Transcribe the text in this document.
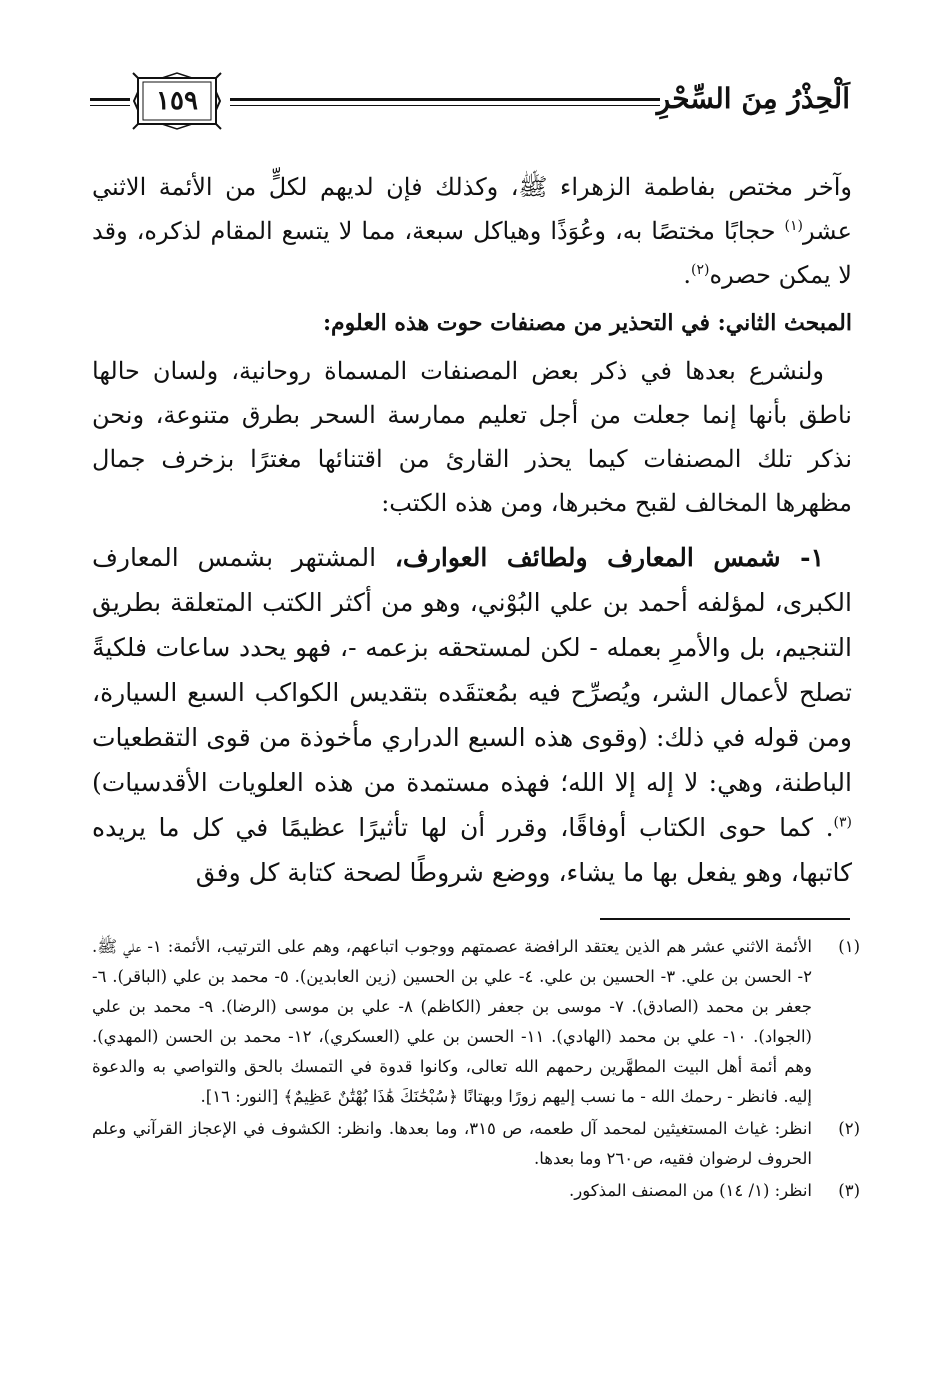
١٥٩	اَلْحِذْرُ مِنَ السِّحْرِ

وآخر مختص بفاطمة الزهراء ﷺ، وكذلك فإن لديهم لكلٍّ من الأئمة الاثني عشر$^{(١)}$ حجابًا مختصًا به، وعُوَذًا وهياكل سبعة، مما لا يتسع المقام لذكره، وقد لا يمكن حصره$^{(٢)}$.

المبحث الثاني: في التحذير من مصنفات حوت هذه العلوم:

ولنشرع بعدها في ذكر بعض المصنفات المسماة روحانية، ولسان حالها ناطق بأنها إنما جعلت من أجل تعليم ممارسة السحر بطرق متنوعة، ونحن نذكر تلك المصنفات كيما يحذر القارئ من اقتنائها مغترًا بزخرف جمال مظهرها المخالف لقبح مخبرها، ومن هذه الكتب:

١- شمس المعارف ولطائف العوارف، المشتهر بشمس المعارف الكبرى، لمؤلفه أحمد بن علي البُوْني، وهو من أكثر الكتب المتعلقة بطريق التنجيم، بل والأمرِ بعمله - لكن لمستحقه بزعمه -، فهو يحدد ساعات فلكيةً تصلح لأعمال الشر، ويُصرِّح فيه بمُعتقَده بتقديس الكواكب السبع السيارة، ومن قوله في ذلك: (وقوى هذه السبع الدراري مأخوذة من قوى التقطعيات الباطنة، وهي: لا إله إلا الله؛ فهذه مستمدة من هذه العلويات الأقدسيات)$^{(٣)}$. كما حوى الكتاب أوفاقًا، وقرر أن لها تأثيرًا عظيمًا في كل ما يريده كاتبها، وهو يفعل بها ما يشاء، ووضع شروطًا لصحة كتابة كل وفق

(١)
الأئمة الاثني عشر هم الذين يعتقد الرافضة عصمتهم ووجوب اتباعهم، وهم على الترتيب، الأئمة: ١- علي ﷺ. ٢- الحسن بن علي. ٣- الحسين بن علي. ٤- علي بن الحسين (زين العابدين). ٥- محمد بن علي (الباقر). ٦- جعفر بن محمد (الصادق). ٧- موسى بن جعفر (الكاظم) ٨- علي بن موسى (الرضا). ٩- محمد بن علي (الجواد). ١٠- علي بن محمد (الهادي). ١١- الحسن بن علي (العسكري)، ١٢- محمد بن الحسن (المهدي). وهم أئمة أهل البيت المطهَّرين رحمهم الله تعالى، وكانوا قدوة في التمسك بالحق والتواصي به والدعوة إليه. فانظر - رحمك الله - ما نسب إليهم زورًا وبهتانًا ﴿سُبْحَٰنَكَ هَٰذَا بُهْتَٰنٌ عَظِيمٌ﴾ [النور: ١٦].
(٢)
انظر: غياث المستغيثين لمحمد آل طعمه، ص ٣١٥، وما بعدها. وانظر: الكشوف في الإعجاز القرآني وعلم الحروف لرضوان فقيه، ص٢٦٠ وما بعدها.
(٣)
انظر: (١/ ١٤) من المصنف المذكور.
